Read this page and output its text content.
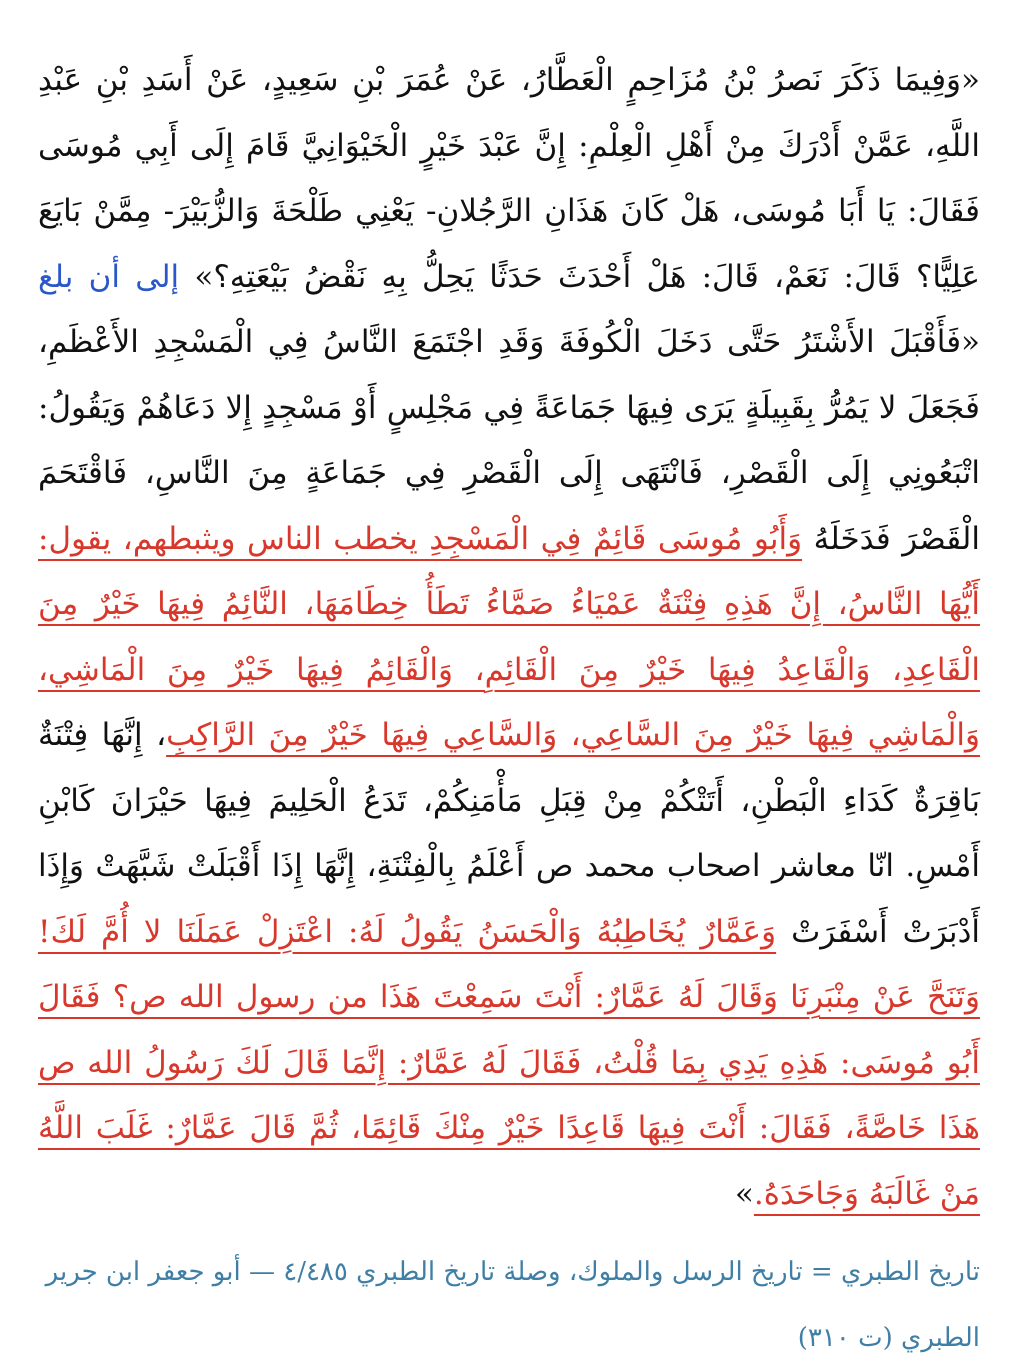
«وَفِيمَا ذَكَرَ نَصرُ بْنُ مُزَاحِمٍ الْعَطَّارُ، عَنْ عُمَرَ بْنِ سَعِيدٍ، عَنْ أَسَدِ بْنِ عَبْدِ اللَّهِ، عَمَّنْ أَدْرَكَ مِنْ أَهْلِ الْعِلْمِ: إِنَّ عَبْدَ خَيْرٍ الْخَيْوَانِيَّ قَامَ إِلَى أَبِي مُوسَى فَقَالَ: يَا أَبَا مُوسَى، هَلْ كَانَ هَذَانِ الرَّجُلانِ- يَعْنِي طَلْحَةَ وَالزُّبَيْرَ- مِمَّنْ بَايَعَ عَلِيًّا؟ قَالَ: نَعَمْ، قَالَ: هَلْ أَحْدَثَ حَدَثًا يَحِلُّ بِهِ نَقْضُ بَيْعَتِهِ؟» إلى أن بلغ «فَأَقْبَلَ الأَشْتَرُ حَتَّى دَخَلَ الْكُوفَةَ وَقَدِ اجْتَمَعَ النَّاسُ فِي الْمَسْجِدِ الأَعْظَمِ، فَجَعَلَ لا يَمُرُّ بِقَبِيلَةٍ يَرَى فِيهَا جَمَاعَةً فِي مَجْلِسٍ أَوْ مَسْجِدٍ إِلا دَعَاهُمْ وَيَقُولُ: اتْبَعُونِي إِلَى الْقَصْرِ، فَانْتَهَى إِلَى الْقَصْرِ فِي جَمَاعَةٍ مِنَ النَّاسِ، فَاقْتَحَمَ الْقَصْرَ فَدَخَلَهُ وَأَبُو مُوسَى قَائِمٌ فِي الْمَسْجِدِ يخطب الناس ويثبطهم، يقول: أَيُّهَا النَّاسُ، إِنَّ هَذِهِ فِتْنَةٌ عَمْيَاءُ صَمَّاءُ تَطَأُ خِطَامَهَا، النَّائِمُ فِيهَا خَيْرٌ مِنَ الْقَاعِدِ، وَالْقَاعِدُ فِيهَا خَيْرٌ مِنَ الْقَائِمِ، وَالْقَائِمُ فِيهَا خَيْرٌ مِنَ الْمَاشِي، وَالْمَاشِي فِيهَا خَيْرٌ مِنَ السَّاعِي، وَالسَّاعِي فِيهَا خَيْرٌ مِنَ الرَّاكِبِ، إِنَّهَا فِتْنَةٌ بَاقِرَةٌ كَدَاءِ الْبَطْنِ، أَتَتْكُمْ مِنْ قِبَلِ مَأْمَنِكُمْ، تَدَعُ الْحَلِيمَ فِيهَا حَيْرَانَ كَابْنِ أَمْسِ. انّا معاشر اصحاب محمد ص أَعْلَمُ بِالْفِتْنَةِ، إِنَّهَا إِذَا أَقْبَلَتْ شَبَّهَتْ وَإِذَا أَدْبَرَتْ أَسْفَرَتْ وَعَمَّارٌ يُخَاطِبُهُ وَالْحَسَنُ يَقُولُ لَهُ: اعْتَزِلْ عَمَلَنَا لا أُمَّ لَكَ! وَتَنَحَّ عَنْ مِنْبَرِنَا وَقَالَ لَهُ عَمَّارٌ: أَنْتَ سَمِعْتَ هَذَا من رسول الله ص؟ فَقَالَ أَبُو مُوسَى: هَذِهِ يَدِي بِمَا قُلْتُ، فَقَالَ لَهُ عَمَّارٌ: إِنَّمَا قَالَ لَكَ رَسُولُ الله ص هَذَا خَاصَّةً، فَقَالَ: أَنْتَ فِيهَا قَاعِدًا خَيْرٌ مِنْكَ قَائِمًا، ثُمَّ قَالَ عَمَّارٌ: غَلَبَ اللَّهُ مَنْ غَالَبَهُ وَجَاحَدَهُ.»

تاريخ الطبري = تاريخ الرسل والملوك، وصلة تاريخ الطبري ٤/٤٨٥ — أبو جعفر ابن جرير الطبري (ت ٣١٠)
